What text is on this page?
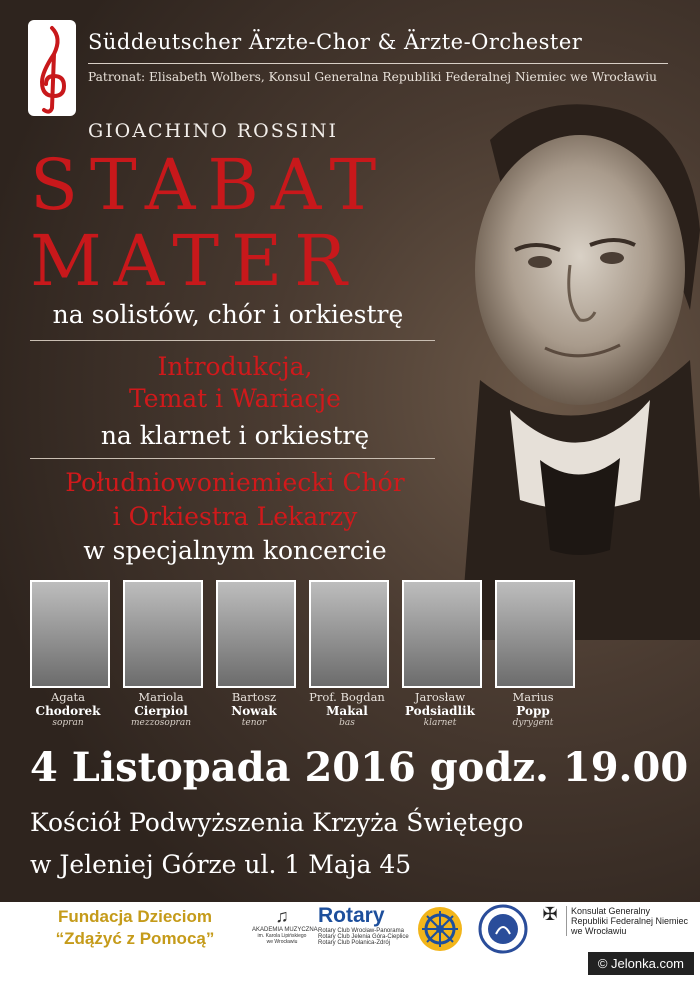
Süddeutscher Ärzte-Chor & Ärzte-Orchester
Patronat: Elisabeth Wolbers, Konsul Generalna Republiki Federalnej Niemiec we Wrocławiu
GIOACHINO ROSSINI
STABAT
MATER
na solistów, chór i orkiestrę
Introdukcja,
Temat i Wariacje
na klarnet i orkiestrę
Południowoniemiecki Chór
i Orkiestra Lekarzy
w specjalnym koncercie
Agata
Chodorek
sopran
Mariola
Cierpiol
mezzosopran
Bartosz
Nowak
tenor
Prof. Bogdan
Makal
bas
Jarosław
Podsiadlik
klarnet
Marius
Popp
dyrygent
4 Listopada 2016 godz. 19.00
Kościół Podwyższenia Krzyża Świętego
w Jeleniej Górze ul. 1 Maja 45
Fundacja Dzieciom
“Zdążyć z Pomocą”
♫
AKADEMIA MUZYCZNA
im. Karola Lipińskiego
we Wrocławiu
Rotary
Rotary Club Wrocław-Panorama
Rotary Club Jelenia Góra-Cieplice
Rotary Club Polanica-Zdrój
✠ Konsulat Generalny
Republiki Federalnej Niemiec
we Wrocławiu
© Jelonka.com
